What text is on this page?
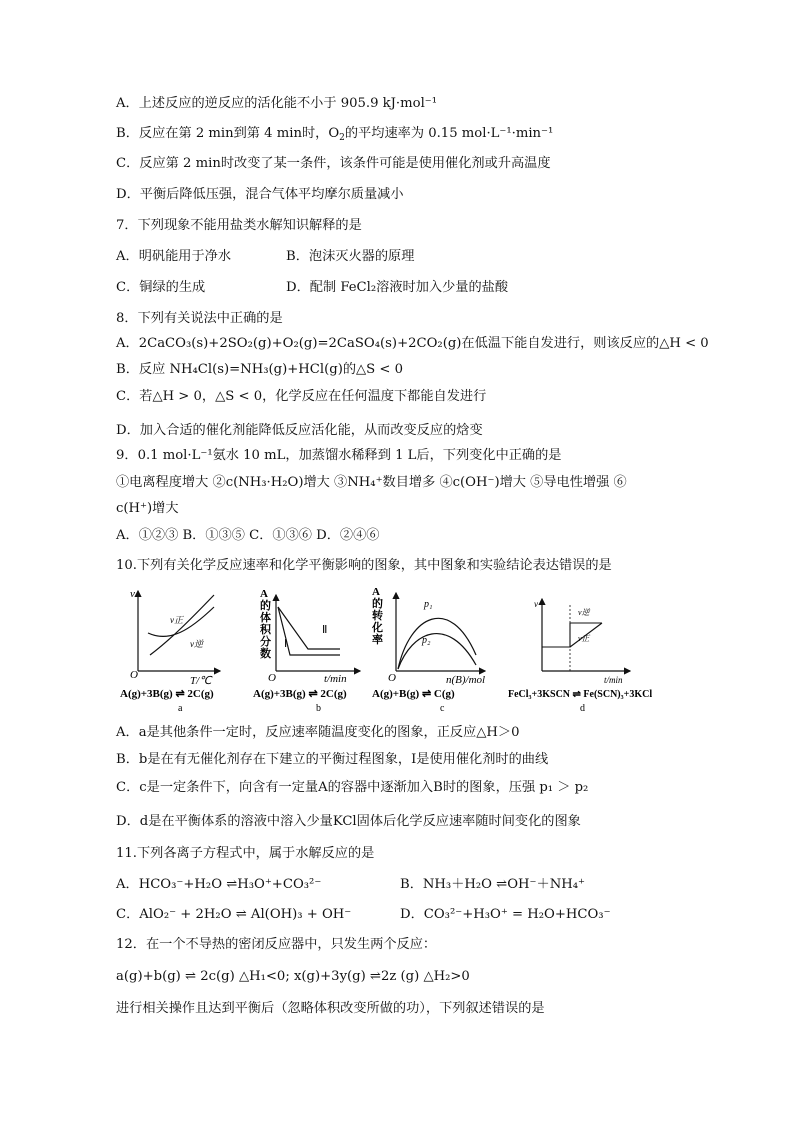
A．上述反应的逆反应的活化能不小于 905.9 kJ·mol⁻¹
B．反应在第 2 min到第 4 min时，$O_2$的平均速率为 0.15 mol·L⁻¹·min⁻¹
C．反应第 2 min时改变了某一条件，该条件可能是使用催化剂或升高温度
D．平衡后降低压强，混合气体平均摩尔质量减小
7．下列现象不能用盐类水解知识解释的是
A．明矾能用于净水	B．泡沫灭火器的原理
C．铜绿的生成	D．配制 FeCl₂溶液时加入少量的盐酸
8．下列有关说法中正确的是
A．2CaCO₃(s)+2SO₂(g)+O₂(g)=2CaSO₄(s)+2CO₂(g)在低温下能自发进行，则该反应的△H < 0
B．反应 NH₄Cl(s)=NH₃(g)+HCl(g)的△S < 0
C．若△H > 0，△S < 0，化学反应在任何温度下都能自发进行
D．加入合适的催化剂能降低反应活化能，从而改变反应的焓变
9．0.1 mol·L⁻¹氨水 10 mL，加蒸馏水稀释到 1 L后，下列变化中正确的是
①电离程度增大 ②c(NH₃·H₂O)增大 ③NH₄⁺数目增多 ④c(OH⁻)增大 ⑤导电性增强 ⑥
c(H⁺)增大
A．①②③ B．①③⑤ C．①③⑥ D．②④⑥
10.下列有关化学反应速率和化学平衡影响的图象，其中图象和实验结论表达错误的是
v
O	T/℃
v正
v逆
A(g)+3B(g) ⇌ 2C(g)
a
A 的体积分数
O	t/min
Ⅱ
Ⅰ
A(g)+3B(g) ⇌ 2C(g)
b
A 的转化率
O	n(B)/mol
p₁
p₂
A(g)+B(g) ⇌ C(g)
c
v
t/min
v逆
v正
FeCl₃+3KSCN ⇌ Fe(SCN)₃+3KCl
d
A．a是其他条件一定时，反应速率随温度变化的图象，正反应△H＞0
B．b是在有无催化剂存在下建立的平衡过程图象，Ⅰ是使用催化剂时的曲线
C．c是一定条件下，向含有一定量A的容器中逐渐加入B时的图象，压强 p₁ ＞ p₂
D．d是在平衡体系的溶液中溶入少量KCl固体后化学反应速率随时间变化的图象
11.下列各离子方程式中，属于水解反应的是
A．HCO₃⁻+H₂O ⇌H₃O⁺+CO₃²⁻	B．NH₃＋H₂O ⇌OH⁻＋NH₄⁺
C．AlO₂⁻ + 2H₂O ⇌ Al(OH)₃ + OH⁻	D．CO₃²⁻+H₃O⁺ = H₂O+HCO₃⁻
12．在一个不导热的密闭反应器中，只发生两个反应：
a(g)+b(g) ⇌ 2c(g) △H₁<0; x(g)+3y(g) ⇌2z (g) △H₂>0
进行相关操作且达到平衡后（忽略体积改变所做的功），下列叙述错误的是
